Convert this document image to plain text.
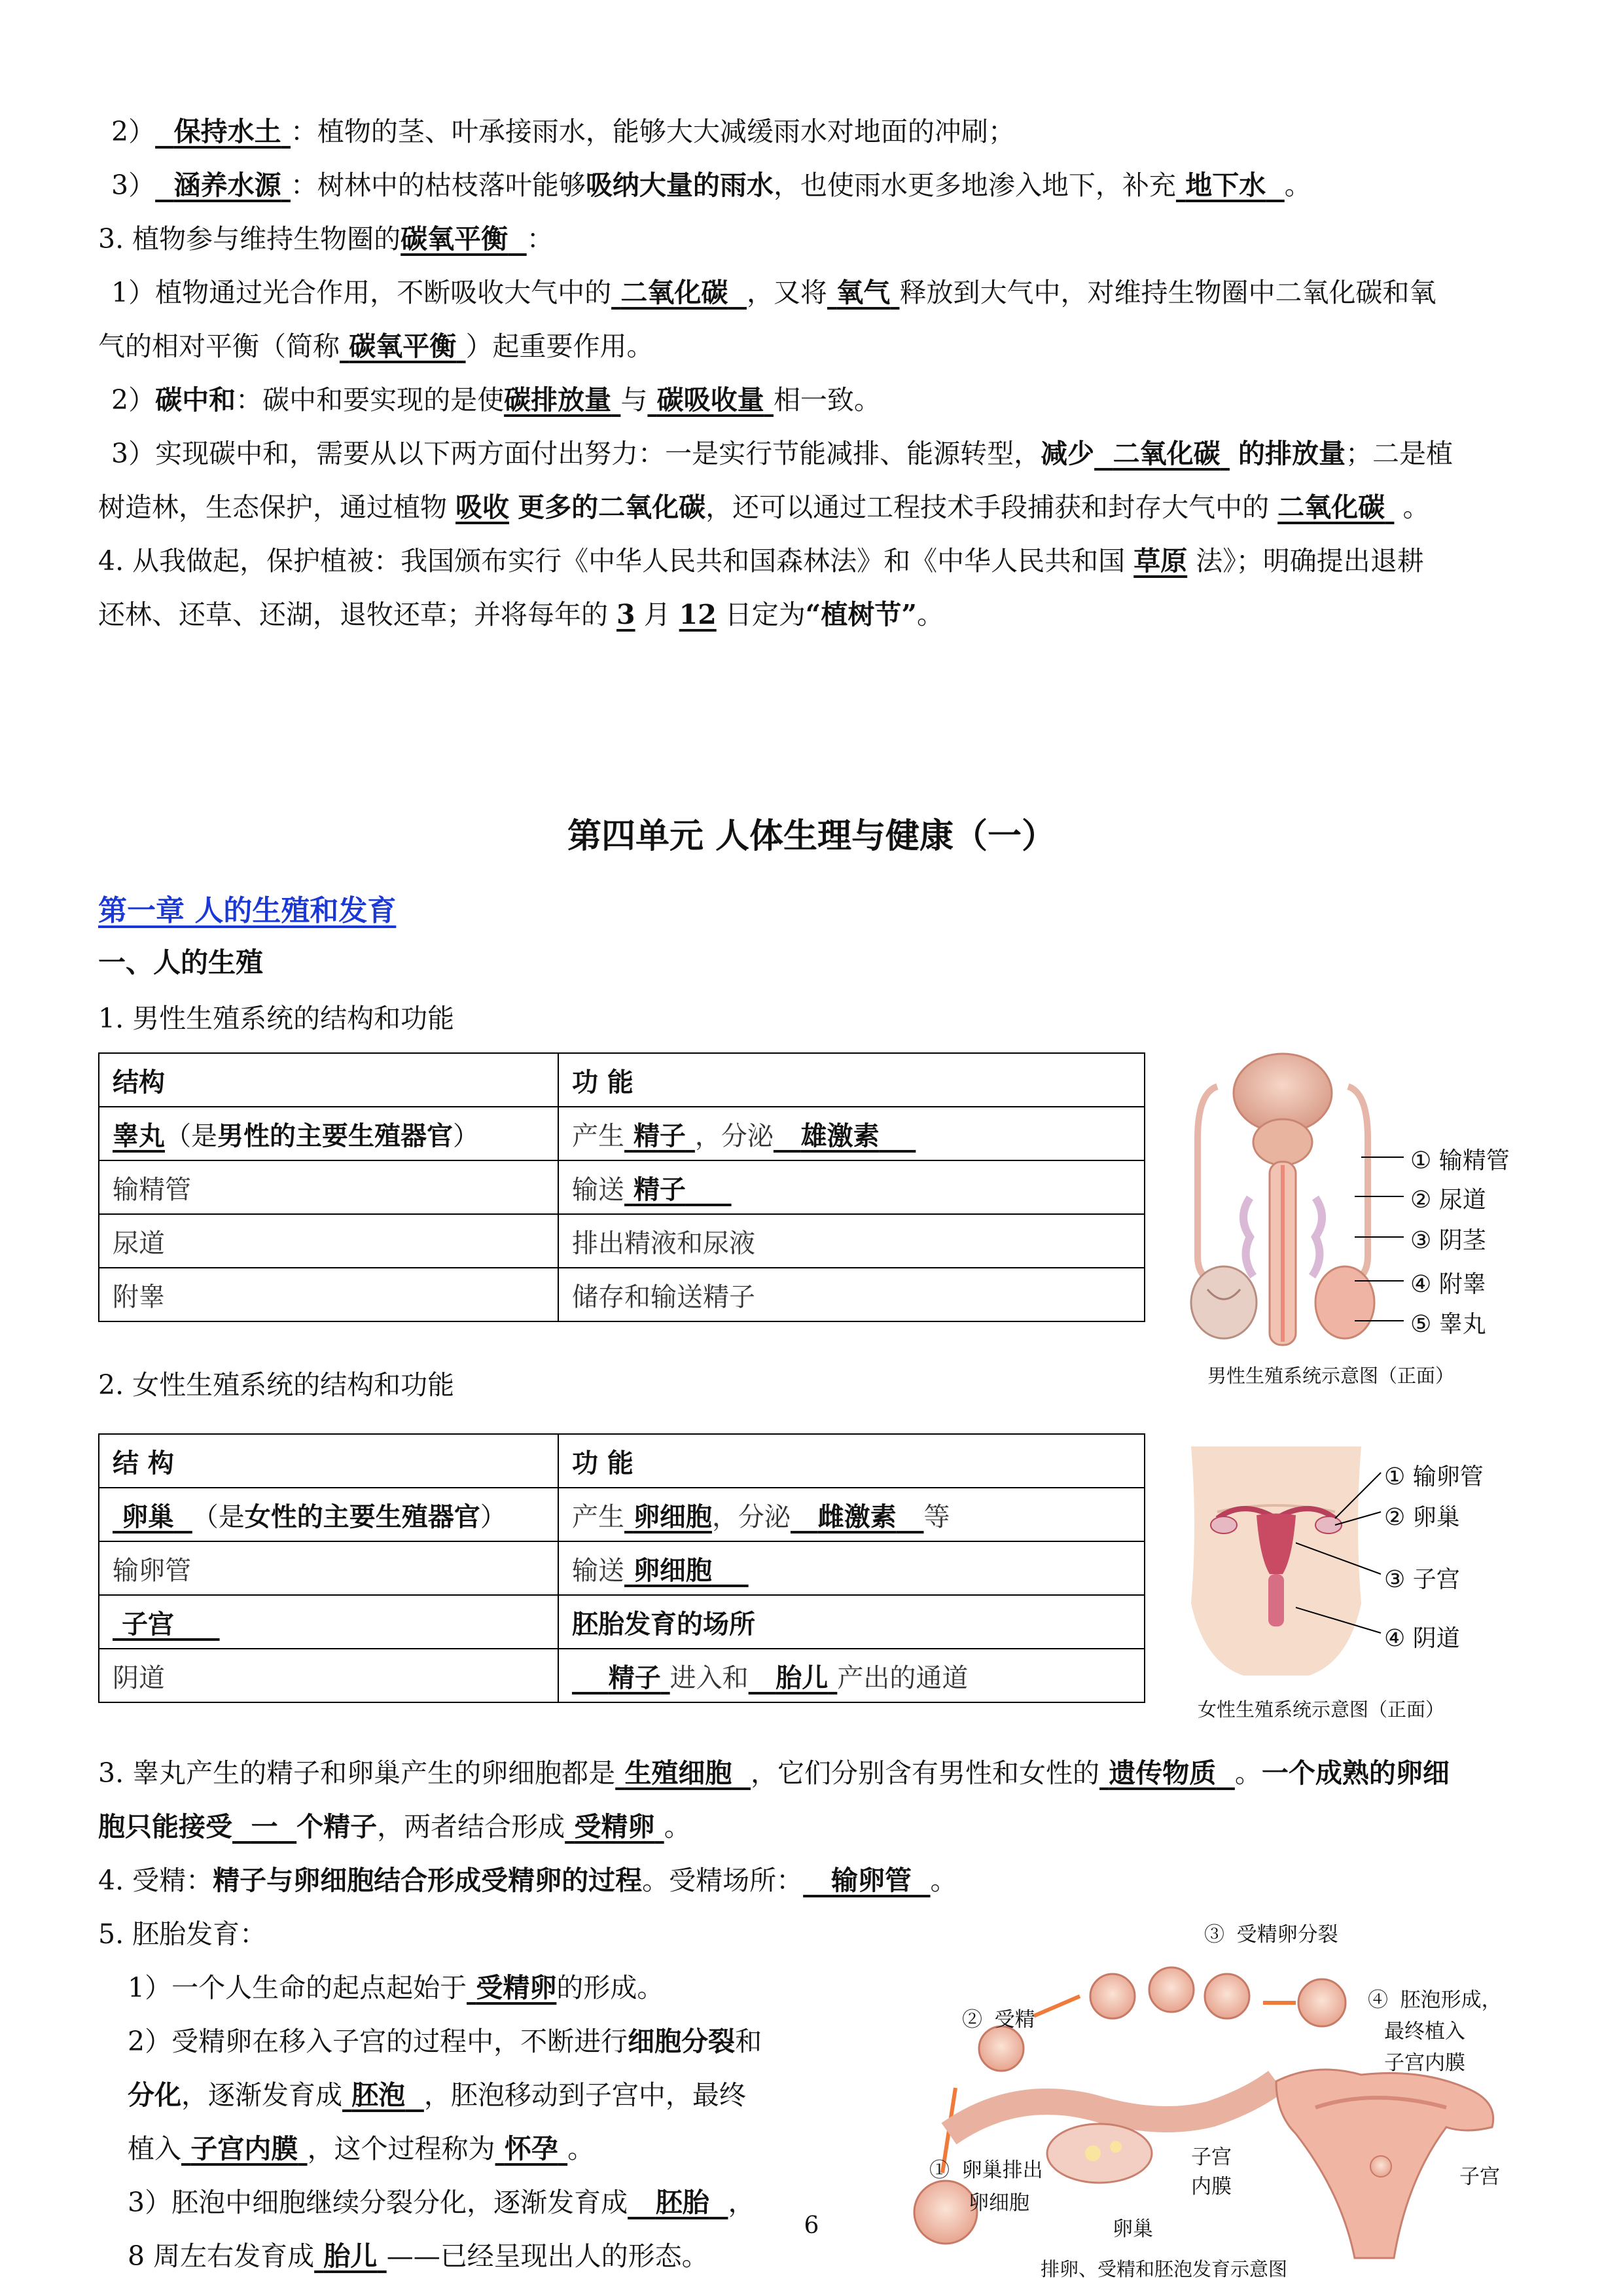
2） 保持水土 ：植物的茎、叶承接雨水，能够大大减缓雨水对地面的冲刷；
3） 涵养水源 ：树林中的枯枝落叶能够吸纳大量的雨水，也使雨水更多地渗入地下，补充 地下水 。
3. 植物参与维持生物圈的碳氧平衡 ：
1）植物通过光合作用，不断吸收大气中的 二氧化碳 ，又将 氧气 释放到大气中，对维持生物圈中二氧化碳和氧
气的相对平衡（简称 碳氧平衡 ）起重要作用。
2）碳中和：碳中和要实现的是使碳排放量 与 碳吸收量 相一致。
3）实现碳中和，需要从以下两方面付出努力：一是实行节能减排、能源转型，减少 二氧化碳 的排放量；二是植
树造林，生态保护，通过植物 吸收 更多的二氧化碳，还可以通过工程技术手段捕获和封存大气中的 二氧化碳 。
4. 从我做起，保护植被：我国颁布实行《中华人民共和国森林法》和《中华人民共和国 草原 法》；明确提出退耕
还林、还草、还湖，退牧还草；并将每年的 3 月 12 日定为“植树节”。
第四单元 人体生理与健康（一）
第一章 人的生殖和发育
一、人的生殖
1. 男性生殖系统的结构和功能
结构	功 能
睾丸（是男性的主要生殖器官）	产生 精子 ，分泌 雄激素
输精管	输送 精子
尿道	排出精液和尿液
附睾	储存和输送精子
① 输精管
② 尿道
③ 阴茎
④ 附睾
⑤ 睾丸
男性生殖系统示意图（正面）
2. 女性生殖系统的结构和功能
结 构	功 能
卵巢 （是女性的主要生殖器官）	产生 卵细胞，分泌 雌激素 等
输卵管	输送 卵细胞
子宫	胚胎发育的场所
阴道	精子 进入和 胎儿 产出的通道
① 输卵管
② 卵巢
③ 子宫
④ 阴道
女性生殖系统示意图（正面）
3. 睾丸产生的精子和卵巢产生的卵细胞都是 生殖细胞 ，它们分别含有男性和女性的 遗传物质 。一个成熟的卵细
胞只能接受 一 个精子，两者结合形成 受精卵 。
4. 受精：精子与卵细胞结合形成受精卵的过程。受精场所： 输卵管 。
5. 胚胎发育：
1）一个人生命的起点起始于 受精卵的形成。
2）受精卵在移入子宫的过程中，不断进行细胞分裂和
分化，逐渐发育成 胚泡 ，胚泡移动到子宫中，最终
植入 子宫内膜 ，这个过程称为 怀孕 。
3）胚泡中细胞继续分裂分化，逐渐发育成 胚胎 ，
8 周左右发育成 胎儿 ——已经呈现出人的形态。
③ 受精卵分裂
② 受精
④ 胚泡形成，
最终植入
子宫内膜
① 卵巢排出
卵细胞
子宫
内膜
卵巢
子宫
排卵、受精和胚泡发育示意图
6
